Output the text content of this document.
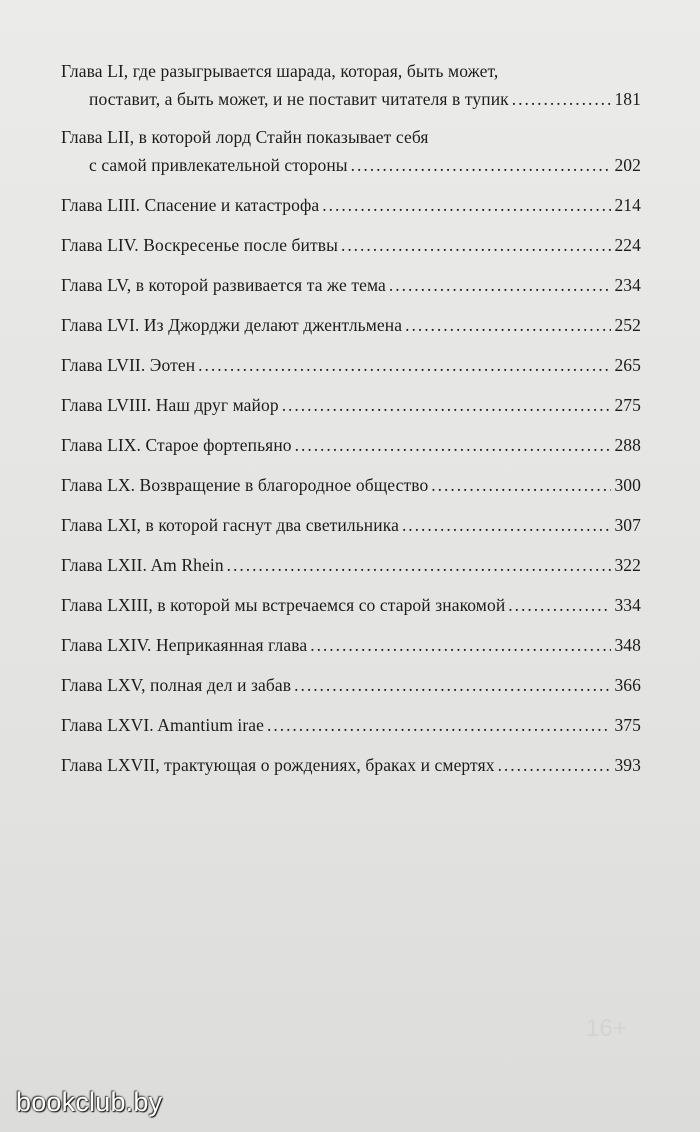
Глава LI, где разыгрывается шарада, которая, быть может,
поставит, а быть может, и не поставит читателя в тупик . . .	181
Глава LII, в которой лорд Стайн показывает себя
с самой привлекательной стороны . . .	202
Глава LIII. Спасение и катастрофа . . .	214
Глава LIV. Воскресенье после битвы . . .	224
Глава LV, в которой развивается та же тема . . .	234
Глава LVI. Из Джорджи делают джентльмена . . .	252
Глава LVII. Эотен . . .	265
Глава LVIII. Наш друг майор . . .	275
Глава LIX. Старое фортепьяно . . .	288
Глава LX. Возвращение в благородное общество . . .	300
Глава LXI, в которой гаснут два светильника . . .	307
Глава LXII. Am Rhein . . .	322
Глава LXIII, в которой мы встречаемся со старой знакомой . . .	334
Глава LXIV. Неприкаянная глава . . .	348
Глава LXV, полная дел и забав . . .	366
Глава LXVI. Amantium irae . . .	375
Глава LXVII, трактующая о рождениях, браках и смертях . . .	393
16+
bookclub.by
